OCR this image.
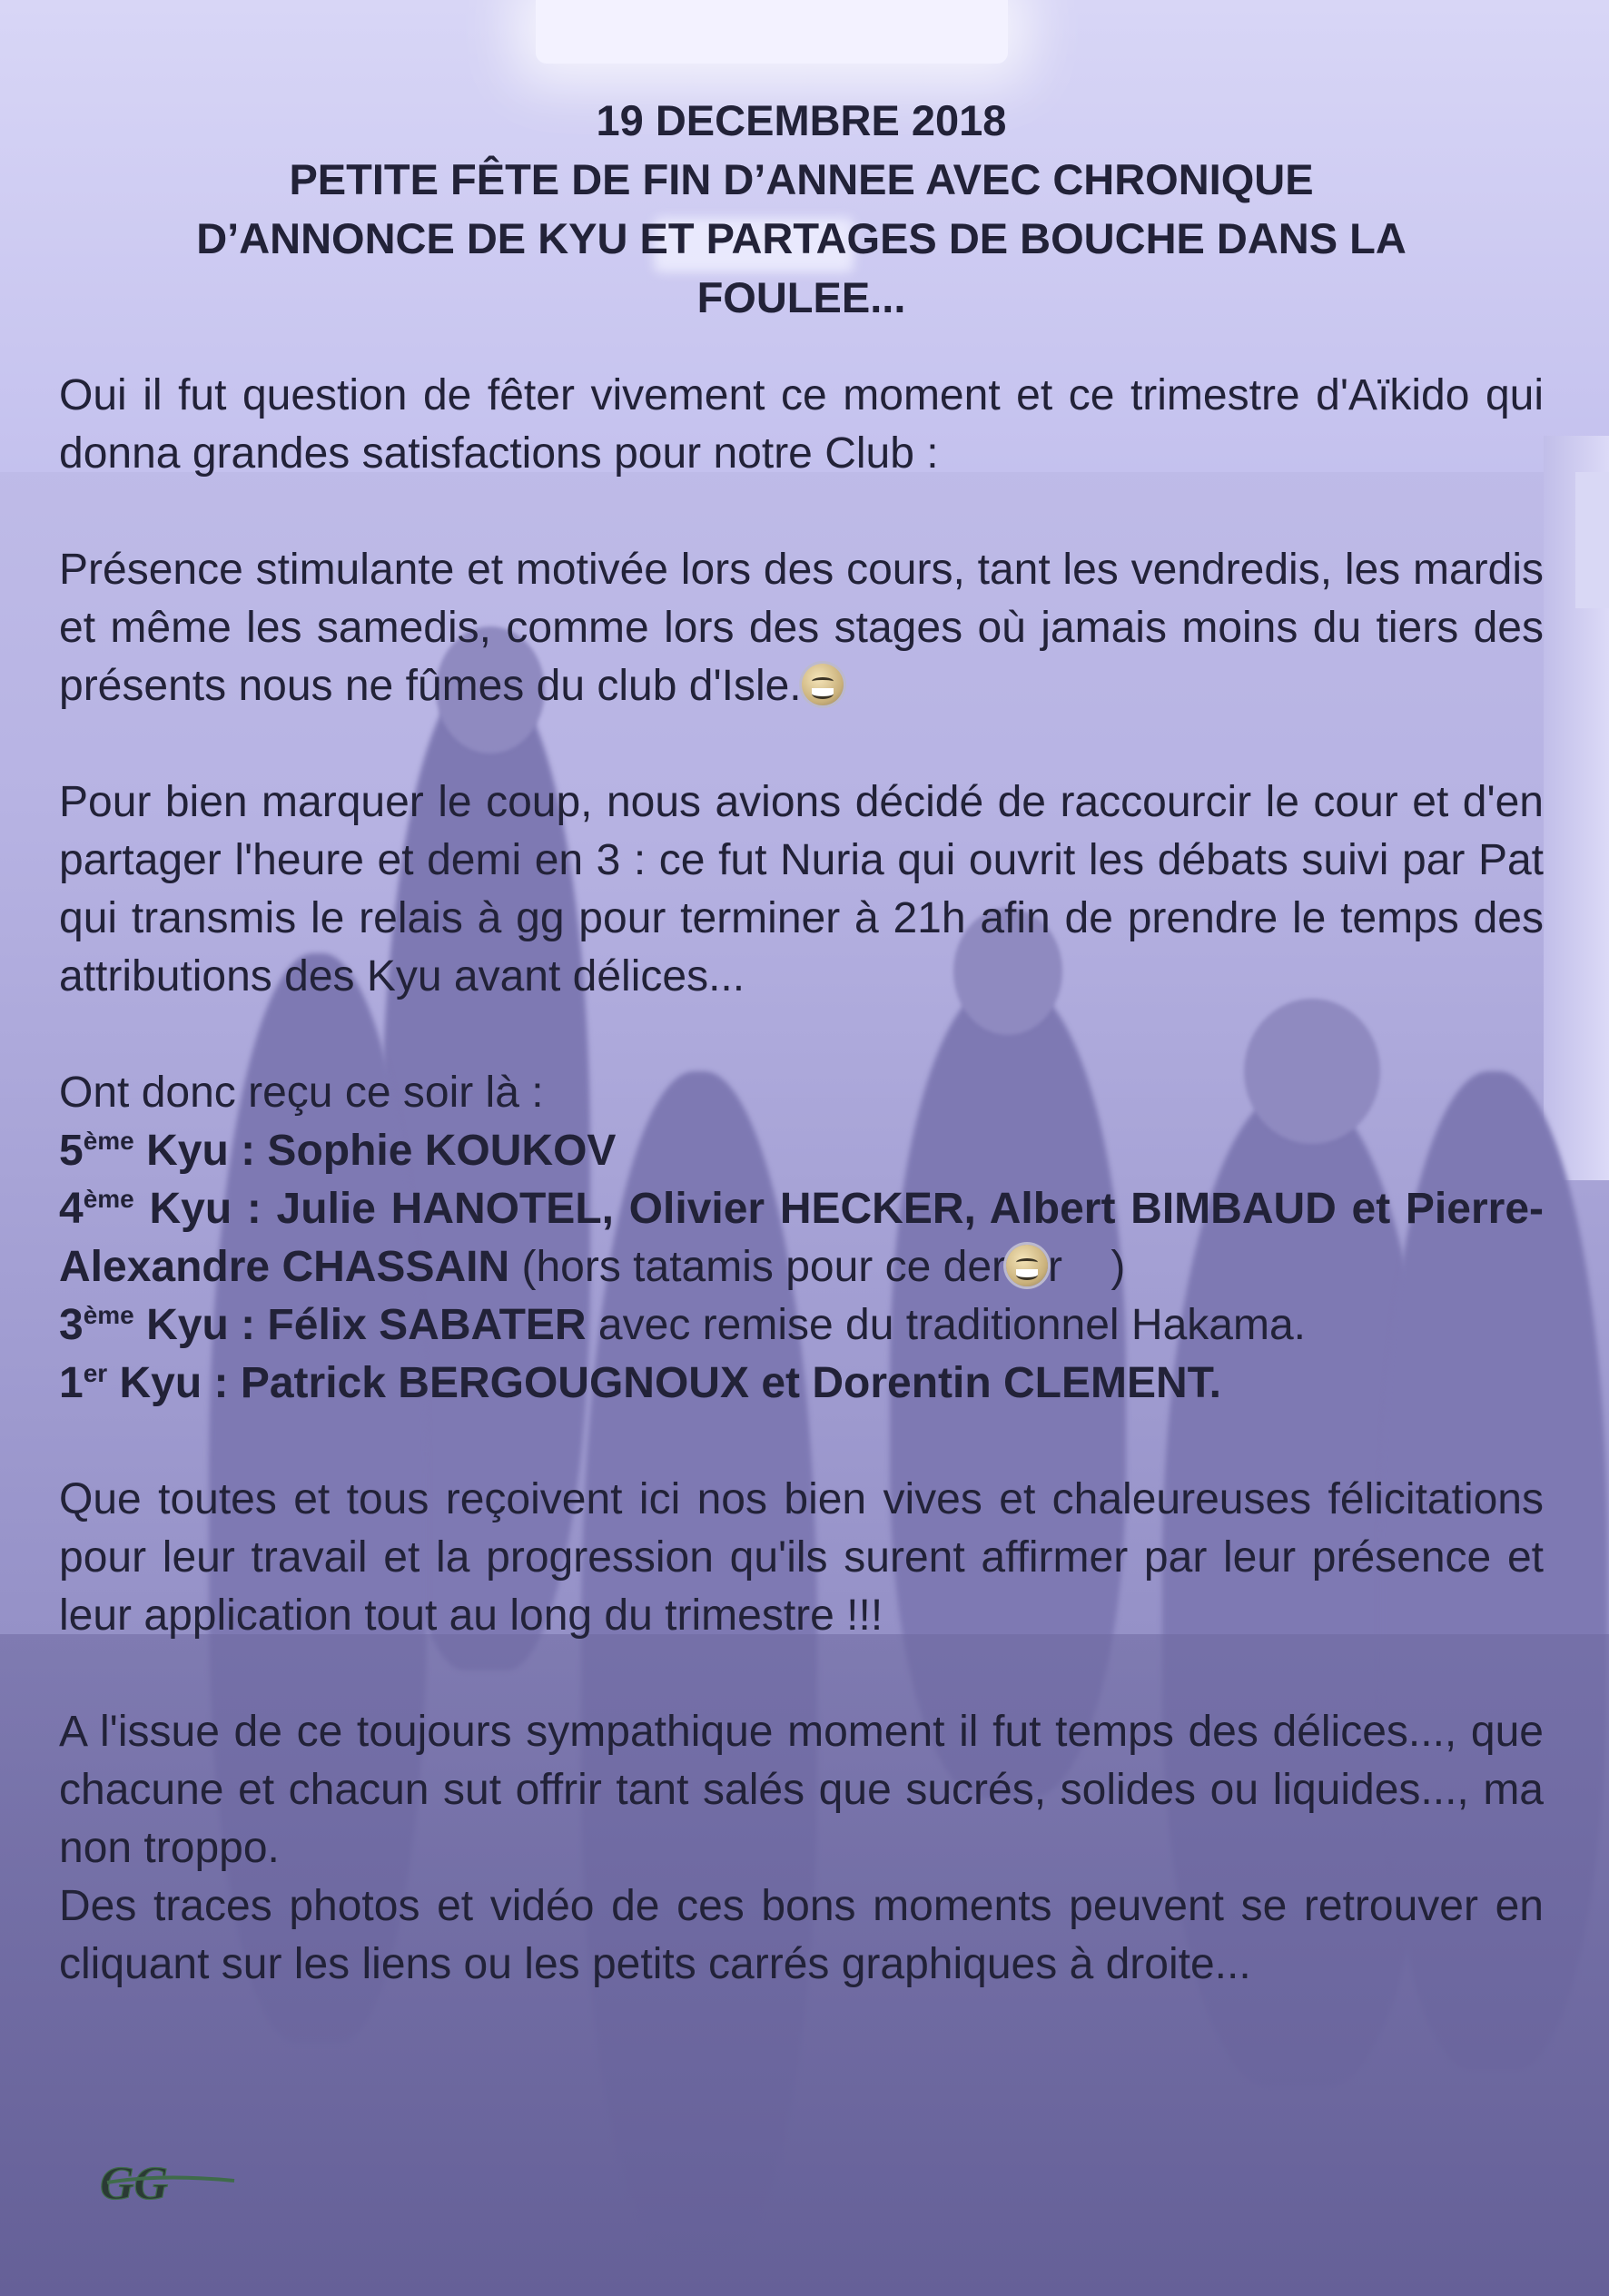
19 DECEMBRE 2018

PETITE FÊTE DE FIN D’ANNEE AVEC CHRONIQUE

D’ANNONCE DE KYU ET PARTAGES DE BOUCHE DANS LA

FOULEE...

Oui il fut question de fêter vivement ce moment et ce trimestre d'Aïkido qui donna grandes satisfactions pour notre Club :

Présence stimulante et motivée lors des cours, tant les vendredis, les mardis et même les samedis, comme lors des stages où jamais moins du tiers des présents nous ne fûmes du club d'Isle.

Pour bien marquer le coup, nous avions décidé de raccourcir le cour et d'en partager l'heure et demi en 3 : ce fut Nuria qui ouvrit les débats suivi par Pat qui transmis le relais à gg pour terminer à 21h afin de prendre le temps des attributions des Kyu avant délices...

Ont donc reçu ce soir là :

5ème Kyu : Sophie KOUKOV

4ème Kyu : Julie HANOTEL, Olivier HECKER, Albert BIMBAUD et Pierre-Alexandre CHASSAIN (hors tatamis pour ce der r    )

3ème Kyu : Félix SABATER avec remise du traditionnel Hakama.

1er Kyu : Patrick BERGOUGNOUX et Dorentin CLEMENT.

Que toutes et tous reçoivent ici nos bien vives et chaleureuses félicitations pour leur travail et la progression qu'ils surent affirmer par leur présence et leur application tout au long du trimestre !!!

A l'issue de ce toujours sympathique moment il fut temps des délices..., que chacune et chacun sut offrir tant salés que sucrés, solides ou liquides..., ma non troppo.

Des traces photos et vidéo de ces bons moments peuvent se retrouver en cliquant sur les liens ou les petits carrés graphiques à droite...

GG
